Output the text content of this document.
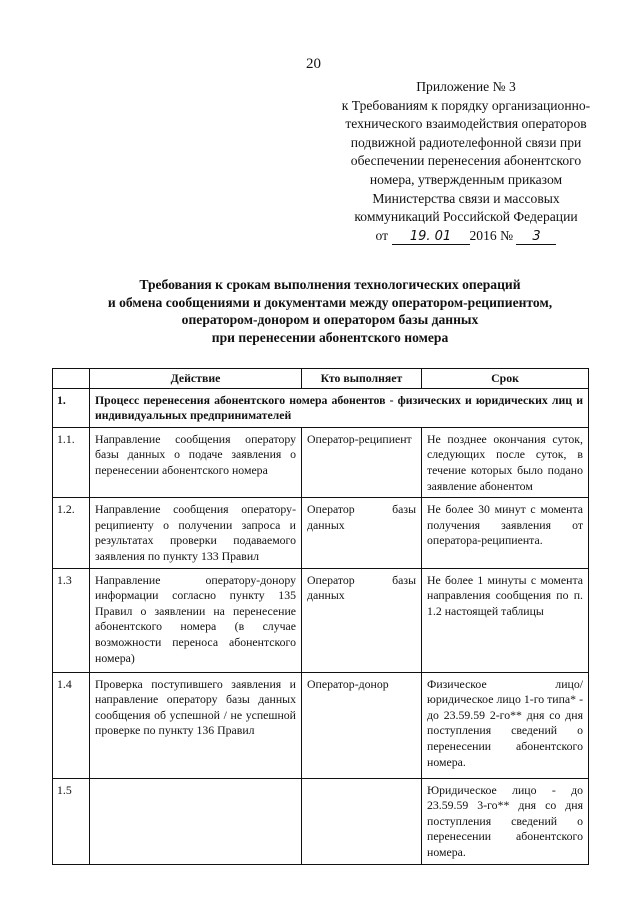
20
Приложение № 3
к Требованиям к порядку организационно-
технического взаимодействия операторов
подвижной радиотелефонной связи при
обеспечении перенесения абонентского
номера, утвержденным приказом
Министерства связи и массовых
коммуникаций Российской Федерации
от 19. 01 2016 № 3
Требования к срокам выполнения технологических операций
и обмена сообщениями и документами между оператором-реципиентом,
оператором-донором и оператором базы данных
при перенесении абонентского номера
	Действие	Кто выполняет	Срок
1.	Процесс перенесения абонентского номера абонентов - физических и юридических лиц и индивидуальных предпринимателей		
1.1.	Направление сообщения оператору базы данных о подаче заявления о перенесении абонентского номера	Оператор-реципиент	Не позднее окончания суток, следующих после суток, в течение которых было подано заявление абонентом
1.2.	Направление сообщения оператору-реципиенту о получении запроса и результатах проверки подаваемого заявления по пункту 133 Правил	Оператор базы данных	Не более 30 минут с момента получения заявления от оператора-реципиента.
1.3	Направление оператору-донору информации согласно пункту 135 Правил о заявлении на перенесение абонентского номера (в случае возможности переноса абонентского номера)	Оператор базы данных	Не более 1 минуты с момента направления сообщения по п. 1.2 настоящей таблицы
1.4	Проверка поступившего заявления и направление оператору базы данных сообщения об успешной / не успешной проверке по пункту 136 Правил	Оператор-донор	Физическое лицо/юридическое лицо 1-го типа* - до 23.59.59 2-го** дня со дня поступления сведений о перенесении абонентского номера.
1.5			Юридическое лицо - до 23.59.59 3-го** дня со дня поступления сведений о перенесении абонентского номера.
